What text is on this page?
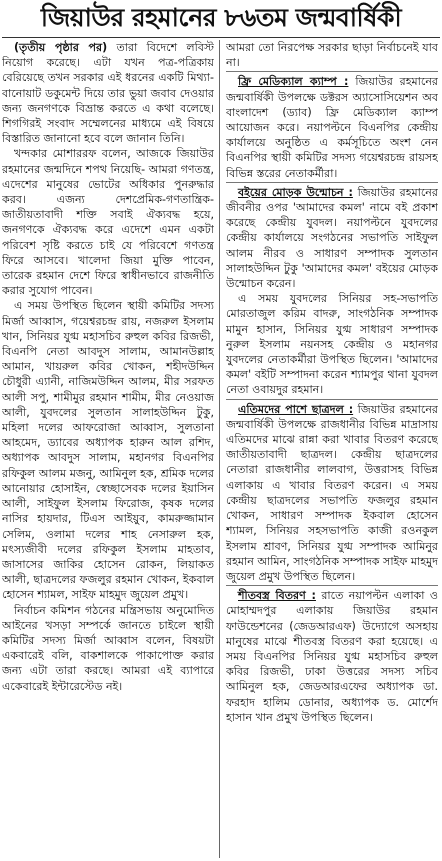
জিয়াউর রহমানের ৮৬তম জন্মবার্ষিকী

(তৃতীয় পৃষ্ঠার পর) তারা বিদেশে লবিস্ট নিয়োগ করেছে। এটা যখন পত্র-পত্রিকায় বেরিয়েছে তখন সরকার এই ধরনের একটি মিথ্যা-বানোয়াট ডকুমেন্ট দিয়ে তার ভুয়া জবাব দেওয়ার জন্য জনগণকে বিভ্রান্ত করতে এ কথা বলেছে। শিগগিরই সংবাদ সম্মেলনের মাধ্যমে এই বিষয়ে বিস্তারিত জানানো হবে বলে জানান তিনি।

খন্দকার মোশাররফ বলেন, আজকে জিয়াউর রহমানের জন্মদিনে শপথ নিয়েছি- আমরা গণতন্ত্র, এদেশের মানুষের ভোটের অধিকার পুনরুদ্ধার করব। এজন্য দেশপ্রেমিক-গণতান্ত্রিক-জাতীয়তাবাদী শক্তি সবাই ঐক্যবদ্ধ হয়ে, জনগণকে ঐক্যবদ্ধ করে এদেশে এমন একটা পরিবেশ সৃষ্টি করতে চাই যে পরিবেশে গণতন্ত্র ফিরে আসবে। খালেদা জিয়া মুক্তি পাবেন, তারেক রহমান দেশে ফিরে স্বাধীনভাবে রাজনীতি করার সুযোগ পাবেন।

এ সময় উপস্থিত ছিলেন স্থায়ী কমিটির সদস্য মির্জা আব্বাস, গয়েশ্বরচন্দ্র রায়, নজরুল ইসলাম খান, সিনিয়র যুগ্ম মহাসচিব রুহুল কবির রিজভী, বিএনপি নেতা আবদুস সালাম, আমানউল্লাহ আমান, খায়রুল কবির খোকন, শহীদউদ্দিন চৌধুরী এ্যানী, নাজিমউদ্দিন আলম, মীর সরফত আলী সপু, শামীমুর রহমান শামীম, মীর নেওয়াজ আলী, যুবদলের সুলতান সালাহউদ্দিন টুকু, মহিলা দলের আফরোজা আব্বাস, সুলতানা আহমেদ, ড্যাবের অধ্যাপক হারুন আল রশিদ, অধ্যাপক আবদুস সালাম, মহানগর বিএনপির রফিকুল আলম মজনু, আমিনুল হক, শ্রমিক দলের আনোয়ার হোসাইন, স্বেচ্ছাসেবক দলের ইয়াসিন আলী, সাইফুল ইসলাম ফিরোজ, কৃষক দলের নাসির হায়দার, টিএস আইয়ুব, কামরুজ্জামান সেলিম, ওলামা দলের শাহ নেসারুল হক, মৎস্যজীবী দলের রফিকুল ইসলাম মাহতাব, জাসাসের জাকির হোসেন রোকন, লিয়াকত আলী, ছাত্রদলের ফজলুর রহমান খোকন, ইকবাল হোসেন শ্যামল, সাইফ মাহমুদ জুয়েল প্রমুখ।

নির্বাচন কমিশন গঠনের মন্ত্রিসভায় অনুমোদিত আইনের খসড়া সম্পর্কে জানতে চাইলে স্থায়ী কমিটির সদস্য মির্জা আব্বাস বলেন, বিষয়টা একবারেই বলি, বাকশালকে পাকাপোক্ত করার জন্য এটা তারা করছে। আমরা এই ব্যাপারে একেবারেই ইন্টারেস্টেড নই।

আমরা তো নিরপেক্ষ সরকার ছাড়া নির্বাচনেই যাব না।

ফ্রি মেডিক্যাল ক্যাম্প : জিয়াউর রহমানের জন্মবার্ষিকী উপলক্ষে ডক্টরস অ্যাসোসিয়েশন অব বাংলাদেশ (ড্যাব) ফ্রি মেডিক্যাল ক্যাম্প আয়োজন করে। নয়াপল্টনে বিএনপির কেন্দ্রীয় কার্যালয়ে অনুষ্ঠিত এ কর্মসূচিতে অংশ নেন বিএনপির স্থায়ী কমিটির সদস্য গয়েশ্বরচন্দ্র রায়সহ বিভিন্ন স্তরের নেতাকর্মীরা।

বইয়ের মোড়ক উন্মোচন : জিয়াউর রহমানের জীবনীর ওপর 'আমাদের কমল' নামে বই প্রকাশ করেছে কেন্দ্রীয় যুবদল। নয়াপল্টনে যুবদলের কেন্দ্রীয় কার্যালয়ে সংগঠনের সভাপতি সাইফুল আলম নীরব ও সাধারণ সম্পাদক সুলতান সালাহউদ্দিন টুকু 'আমাদের কমল' বইয়ের মোড়ক উন্মোচন করেন।

এ সময় যুবদলের সিনিয়র সহ-সভাপতি মোরতাজুল করিম বাদরু, সাংগঠনিক সম্পাদক মামুন হাসান, সিনিয়র যুগ্ম সাধারণ সম্পাদক নুরুল ইসলাম নয়নসহ কেন্দ্রীয় ও মহানগর যুবদলের নেতাকর্মীরা উপস্থিত ছিলেন। 'আমাদের কমল' বইটি সম্পাদনা করেন শ্যামপুর থানা যুবদল নেতা ওবায়দুর রহমান।

এতিমদের পাশে ছাত্রদল : জিয়াউর রহমানের জন্মবার্ষিকী উপলক্ষে রাজধানীর বিভিন্ন মাদ্রাসায় এতিমদের মাঝে রান্না করা খাবার বিতরণ করেছে জাতীয়তাবাদী ছাত্রদল। কেন্দ্রীয় ছাত্রদলের নেতারা রাজধানীর লালবাগ, উত্তরাসহ বিভিন্ন এলাকায় এ খাবার বিতরণ করেন। এ সময় কেন্দ্রীয় ছাত্রদলের সভাপতি ফজলুর রহমান খোকন, সাধারণ সম্পাদক ইকবাল হোসেন শ্যামল, সিনিয়র সহসভাপতি কাজী রওনকুল ইসলাম শ্রাবণ, সিনিয়র যুগ্ম সম্পাদক আমিনুর রহমান আমিন, সাংগঠনিক সম্পাদক সাইফ মাহমুদ জুয়েল প্রমুখ উপস্থিত ছিলেন।

শীতবস্ত্র বিতরণ : রাতে নয়াপল্টন এলাকা ও মোহাম্মদপুর এলাকায় জিয়াউর রহমান ফাউন্ডেশনের (জেডআরএফ) উদ্যোগে অসহায় মানুষের মাঝে শীতবস্ত্র বিতরণ করা হয়েছে। এ সময় বিএনপির সিনিয়র যুগ্ম মহাসচিব রুহুল কবির রিজভী, ঢাকা উত্তরের সদস্য সচিব আমিনুল হক, জেডআরএফের অধ্যাপক ডা. ফরহাদ হালিম ডোনার, অধ্যাপক ড. মোর্শেদ হাসান খান প্রমুখ উপস্থিত ছিলেন।
